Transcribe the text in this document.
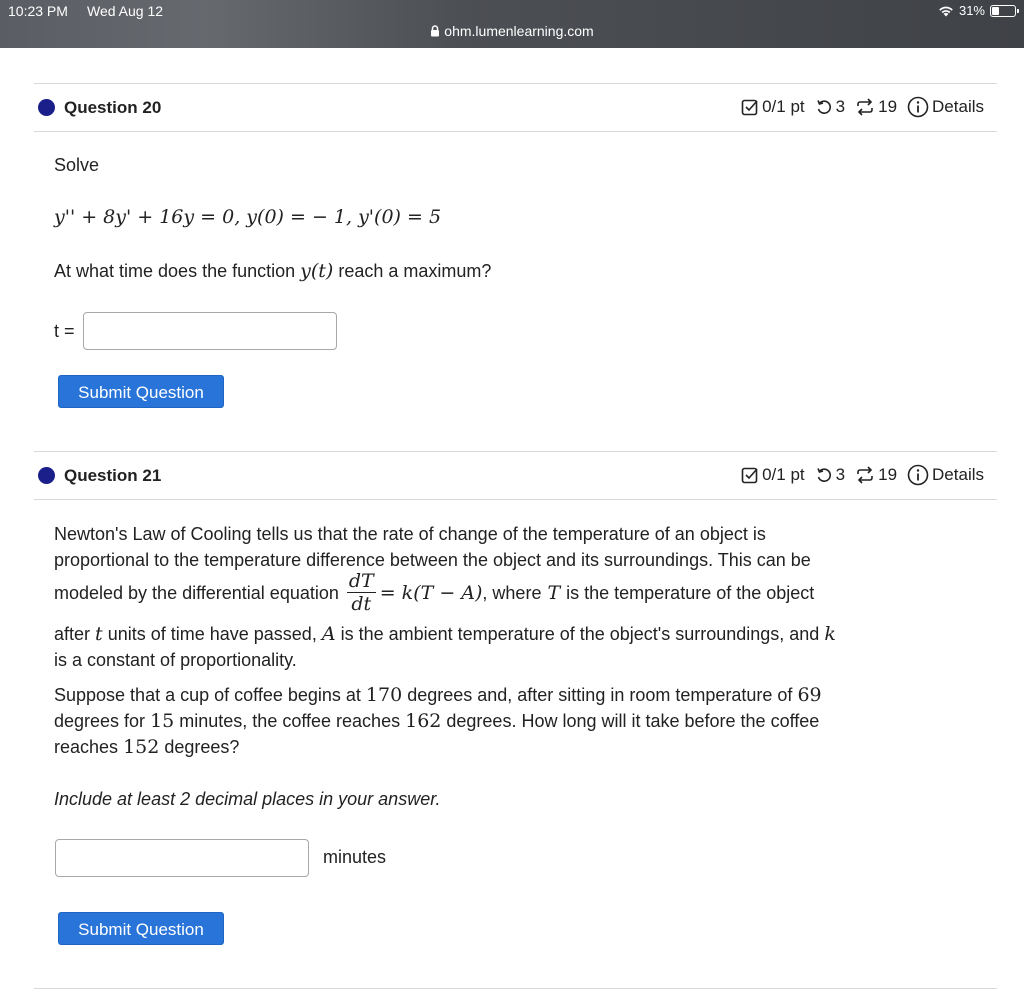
10:23 PM Wed Aug 12	31%
ohm.lumenlearning.com
Question 20	0/1 pt 3 19 Details
Solve
y'' + 8y' + 16y = 0, y(0) = − 1, y'(0) = 5
At what time does the function y(t) reach a maximum?
t =
Submit Question
Question 21	0/1 pt 3 19 Details
Newton's Law of Cooling tells us that the rate of change of the temperature of an object is
proportional to the temperature difference between the object and its surroundings. This can be
modeled by the differential equation $\frac{dT}{dt} = k(T - A)$ , where T is the temperature of the object
after t units of time have passed, A is the ambient temperature of the object's surroundings, and k
is a constant of proportionality.
Suppose that a cup of coffee begins at 170 degrees and, after sitting in room temperature of 69
degrees for 15 minutes, the coffee reaches 162 degrees. How long will it take before the coffee
reaches 152 degrees?
Include at least 2 decimal places in your answer.
minutes
Submit Question
